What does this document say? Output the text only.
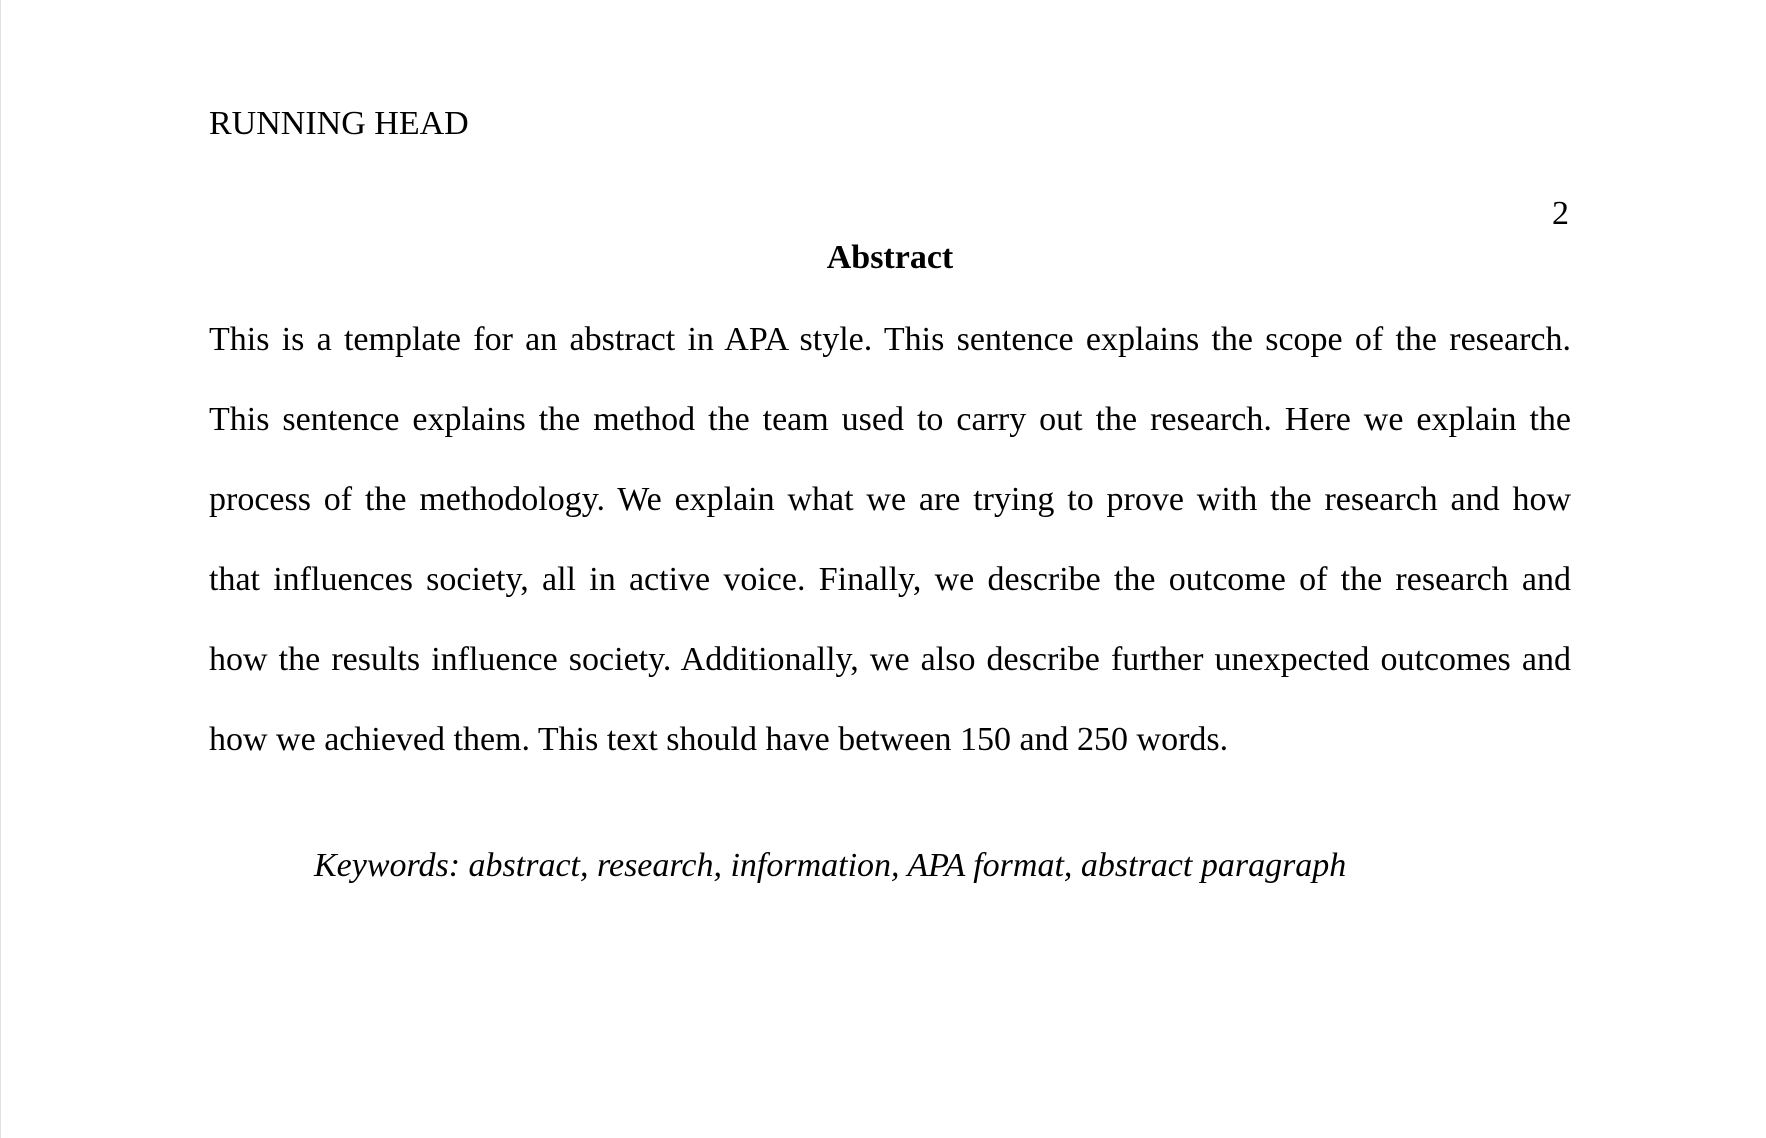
RUNNING HEAD
2
Abstract
This is a template for an abstract in APA style. This sentence explains the scope of the research.
This sentence explains the method the team used to carry out the research. Here we explain the
process of the methodology. We explain what we are trying to prove with the research and how
that influences society, all in active voice. Finally, we describe the outcome of the research and
how the results influence society. Additionally, we also describe further unexpected outcomes and
how we achieved them. This text should have between 150 and 250 words.
Keywords: abstract, research, information, APA format, abstract paragraph
